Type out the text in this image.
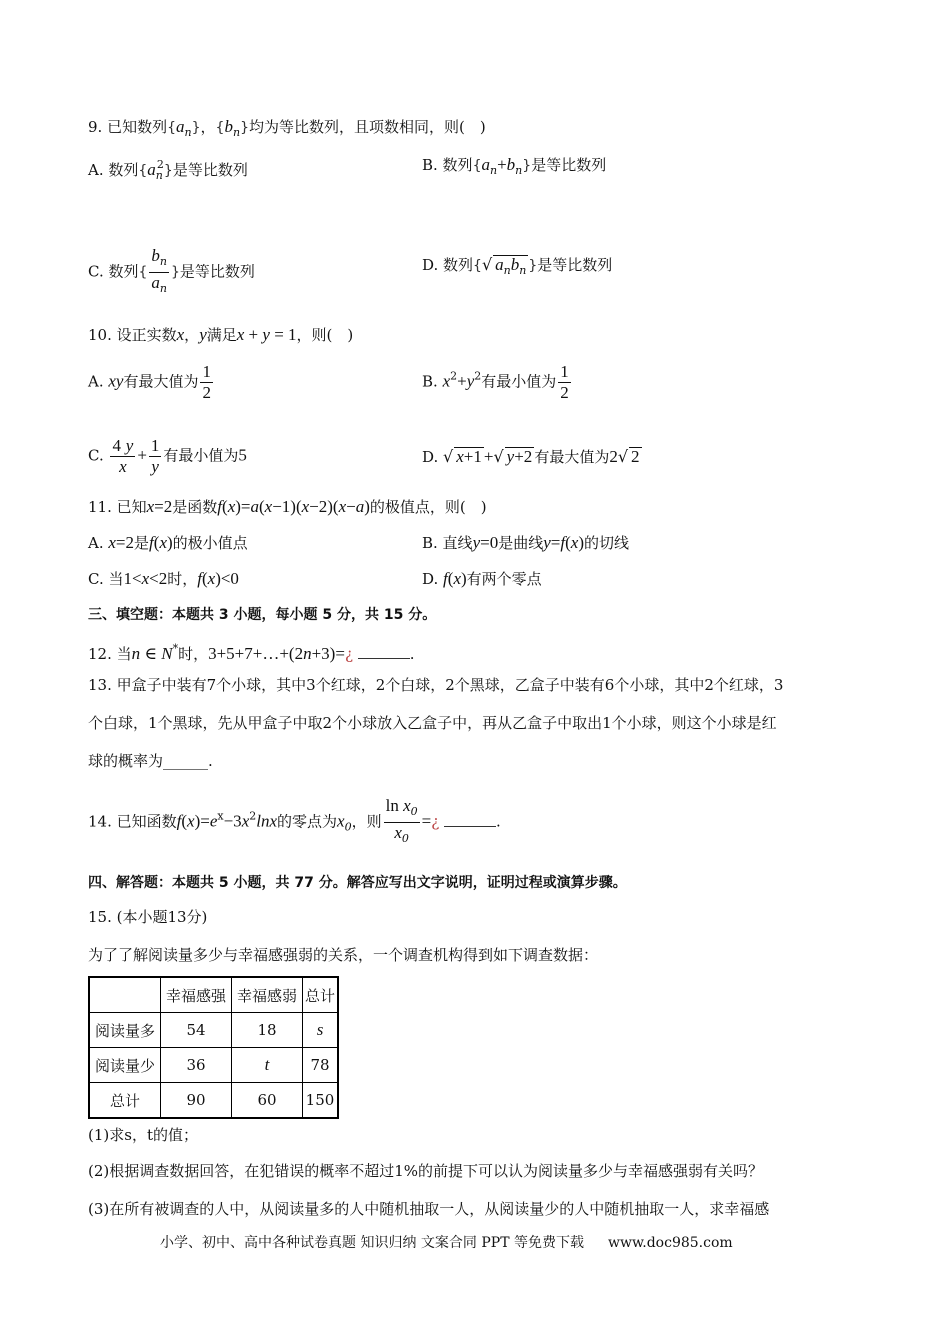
9. 已知数列$\{a_n\}$，$\{b_n\}$均为等比数列，且项数相同，则(　)
A. 数列$\{a_n^2\}$是等比数列	B. 数列$\{a_n+b_n\}$是等比数列
C. 数列{ $\frac{b_n}{a_n}$ }是等比数列	D. 数列{√ $a_nb_n$ }是等比数列
10. 设正实数x，y满足x + y = 1，则(　)
A. xy有最大值为 $\frac{1}{2}$	B. $x^2+y^2$有最小值为 $\frac{1}{2}$
C. $\frac{4 y}{x} + \frac{1}{y}$ 有最小值为5	D. √ x+1 +√ y+2 有最大值为2√ 2
11. 已知x=2是函数f(x)=a(x−1)(x−2)(x−a)的极值点，则(　)
A. x=2是f(x)的极小值点	B. 直线y=0是曲线y=f(x)的切线
C. 当1<x<2时，f(x)<0	D. f(x)有两个零点
三、填空题：本题共 3 小题，每小题 5 分，共 15 分。
12. 当n ∈ N*时，3+5+7+…+(2n+3)=¿	.
13. 甲盒子中装有7个小球，其中3个红球，2个白球，2个黑球，乙盒子中装有6个小球，其中2个红球，3
个白球，1个黑球，先从甲盒子中取2个小球放入乙盒子中，再从乙盒子中取出1个小球，则这个小球是红
球的概率为______.
14. 已知函数$f(x)=e^x-3x^2\ln x$的零点为$x_0$，则 $\frac{\ln x_0}{x_0}$ =¿	.
四、解答题：本题共 5 小题，共 77 分。解答应写出文字说明，证明过程或演算步骤。
15. (本小题13分)
为了了解阅读量多少与幸福感强弱的关系，一个调查机构得到如下调查数据：
	幸福感强	幸福感弱	总计
阅读量多	54	18	s
阅读量少	36	t	78
总计	90	60	150
(1)求s，t的值；
(2)根据调查数据回答，在犯错误的概率不超过1%的前提下可以认为阅读量多少与幸福感强弱有关吗？
(3)在所有被调查的人中，从阅读量多的人中随机抽取一人，从阅读量少的人中随机抽取一人，求幸福感
小学、初中、高中各种试卷真题 知识归纳 文案合同 PPT 等免费下载 www.doc985.com
